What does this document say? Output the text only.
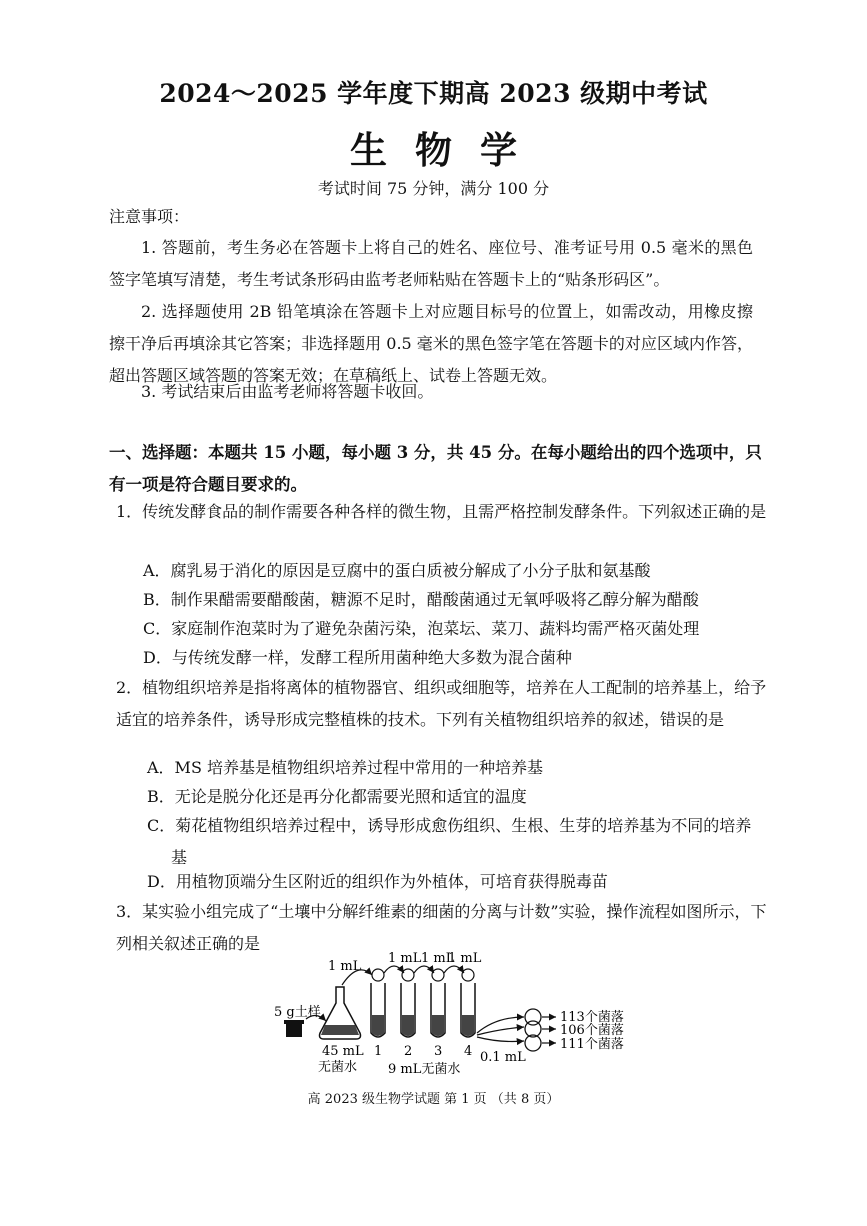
2024～2025 学年度下期高 2023 级期中考试
生物学
考试时间 75 分钟，满分 100 分
注意事项：
1. 答题前，考生务必在答题卡上将自己的姓名、座位号、准考证号用 0.5 毫米的黑色签字笔填写清楚，考生考试条形码由监考老师粘贴在答题卡上的“贴条形码区”。
2. 选择题使用 2B 铅笔填涂在答题卡上对应题目标号的位置上，如需改动，用橡皮擦擦干净后再填涂其它答案；非选择题用 0.5 毫米的黑色签字笔在答题卡的对应区域内作答，超出答题区域答题的答案无效；在草稿纸上、试卷上答题无效。
3. 考试结束后由监考老师将答题卡收回。
一、选择题：本题共 15 小题，每小题 3 分，共 45 分。在每小题给出的四个选项中，只有一项是符合题目要求的。
1．传统发酵食品的制作需要各种各样的微生物，且需严格控制发酵条件。下列叙述正确的是
A．腐乳易于消化的原因是豆腐中的蛋白质被分解成了小分子肽和氨基酸
B．制作果醋需要醋酸菌，糖源不足时，醋酸菌通过无氧呼吸将乙醇分解为醋酸
C．家庭制作泡菜时为了避免杂菌污染，泡菜坛、菜刀、蔬料均需严格灭菌处理
D．与传统发酵一样，发酵工程所用菌种绝大多数为混合菌种
2．植物组织培养是指将离体的植物器官、组织或细胞等，培养在人工配制的培养基上，给予适宜的培养条件，诱导形成完整植株的技术。下列有关植物组织培养的叙述，错误的是
A．MS 培养基是植物组织培养过程中常用的一种培养基
B．无论是脱分化还是再分化都需要光照和适宜的温度
C．菊花植物组织培养过程中，诱导形成愈伤组织、生根、生芽的培养基为不同的培养基
D．用植物顶端分生区附近的组织作为外植体，可培育获得脱毒苗
3．某实验小组完成了“土壤中分解纤维素的细菌的分离与计数”实验，操作流程如图所示，下列相关叙述正确的是
5 g土样
45 mL
无菌水
1 mL
1 mL 1 mL
1 mL
1 2 3 4
9 mL无菌水
0.1 mL
113个菌落
106个菌落
111个菌落
高 2023 级生物学试题 第 1 页 （共 8 页）
